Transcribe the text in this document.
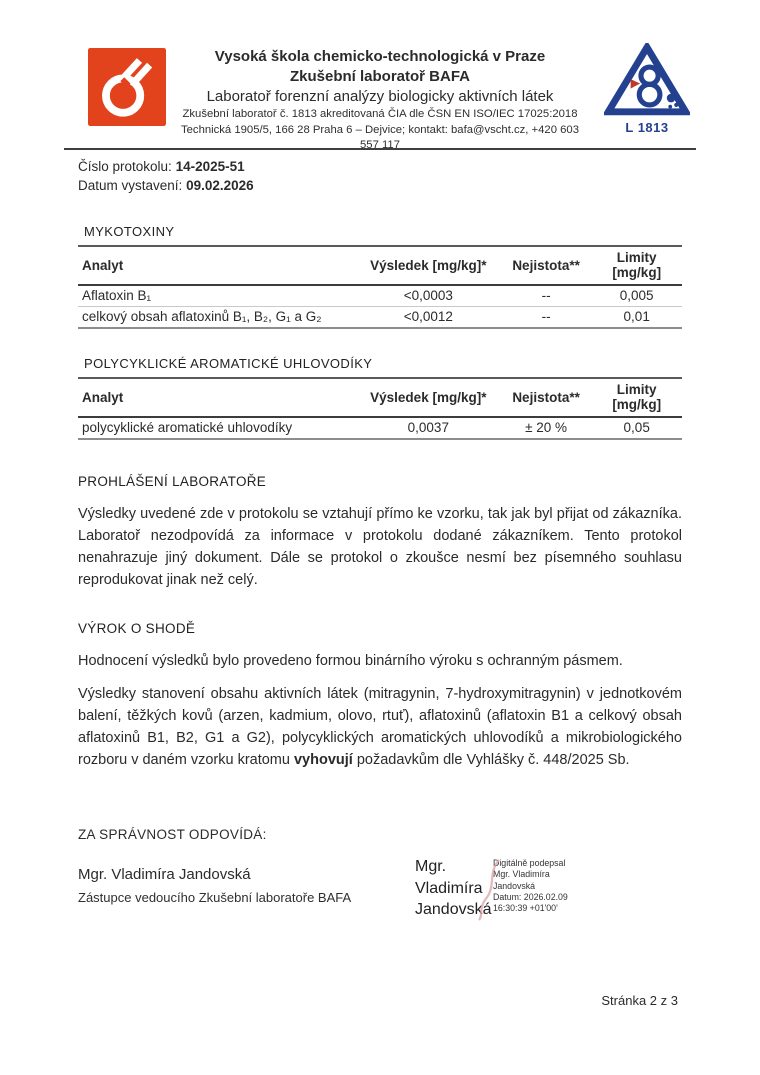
Vysoká škola chemicko-technologická v Praze
Zkušební laboratoř BAFA
Laboratoř forenzní analýzy biologicky aktivních látek
Zkušební laboratoř č. 1813 akreditovaná ČIA dle ČSN EN ISO/IEC 17025:2018
Technická 1905/5, 166 28 Praha 6 – Dejvice; kontakt: bafa@vscht.cz, +420 603 557 117
L 1813
Číslo protokolu: 14-2025-51
Datum vystavení: 09.02.2026
MYKOTOXINY
Analyt	Výsledek [mg/kg]*	Nejistota**	Limity [mg/kg]
Aflatoxin B₁	<0,0003	--	0,005
celkový obsah aflatoxinů B₁, B₂, G₁ a G₂	<0,0012	--	0,01
POLYCYKLICKÉ AROMATICKÉ UHLOVODÍKY
Analyt	Výsledek [mg/kg]*	Nejistota**	Limity [mg/kg]
polycyklické aromatické uhlovodíky	0,0037	± 20 %	0,05
PROHLÁŠENÍ LABORATOŘE

Výsledky uvedené zde v protokolu se vztahují přímo ke vzorku, tak jak byl přijat od zákazníka. Laboratoř nezodpovídá za informace v protokolu dodané zákazníkem. Tento protokol nenahrazuje jiný dokument. Dále se protokol o zkoušce nesmí bez písemného souhlasu reprodukovat jinak než celý.

VÝROK O SHODĚ

Hodnocení výsledků bylo provedeno formou binárního výroku s ochranným pásmem.

Výsledky stanovení obsahu aktivních látek (mitragynin, 7-hydroxymitragynin) v jednotkovém balení, těžkých kovů (arzen, kadmium, olovo, rtuť), aflatoxinů (aflatoxin B1 a celkový obsah aflatoxinů B1, B2, G1 a G2), polycyklických aromatických uhlovodíků a mikrobiologického rozboru v daném vzorku kratomu vyhovují požadavkům dle Vyhlášky č. 448/2025 Sb.

ZA SPRÁVNOST ODPOVÍDÁ:
Mgr. Vladimíra Jandovská
Zástupce vedoucího Zkušební laboratoře BAFA
Mgr.
Vladimíra
Jandovská
Digitálně podepsal
Mgr. Vladimíra
Jandovská
Datum: 2026.02.09
16:30:39 +01'00'
Stránka 2 z 3
